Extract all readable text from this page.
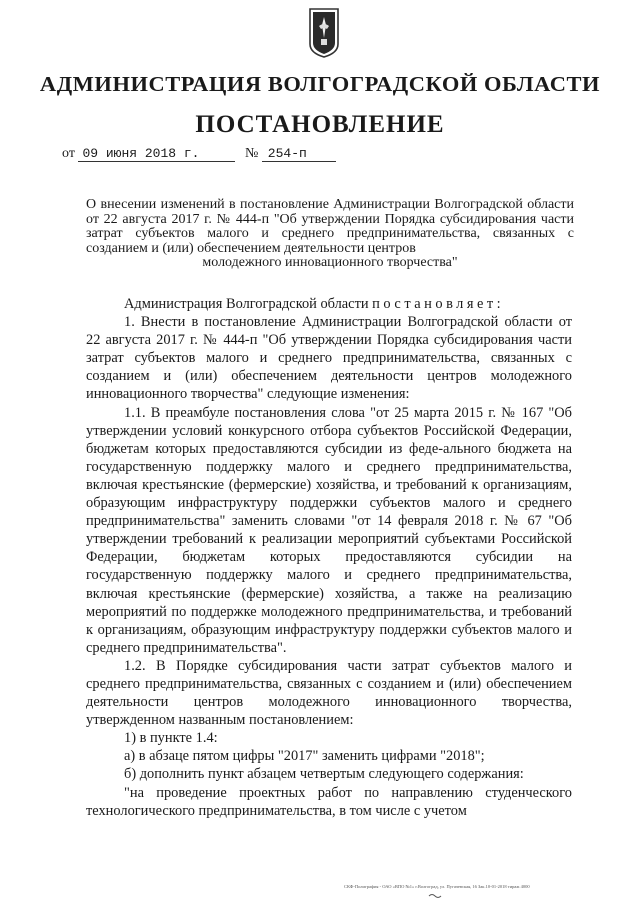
АДМИНИСТРАЦИЯ ВОЛГОГРАДСКОЙ ОБЛАСТИ
ПОСТАНОВЛЕНИЕ
от 09 июня 2018 г.	№ 254-п
О внесении изменений в постановление Администрации Волгоградской области от 22 августа 2017 г. № 444-п "Об утверждении Порядка субсидирования части затрат субъектов малого и среднего предпринимательства, связанных с созданием и (или) обеспечением деятельности центров
молодежного инновационного творчества"

Администрация Волгоградской области постановляет:

1. Внести в постановление Администрации Волгоградской области от 22 августа 2017 г. № 444-п "Об утверждении Порядка субсидирования части затрат субъектов малого и среднего предпринимательства, связанных с созданием и (или) обеспечением деятельности центров молодежного инновационного творчества" следующие изменения:

1.1. В преамбуле постановления слова "от 25 марта 2015 г. № 167 "Об утверждении условий конкурсного отбора субъектов Российской Федерации, бюджетам которых предоставляются субсидии из феде-ального бюджета на государственную поддержку малого и среднего предпринимательства, включая крестьянские (фермерские) хозяйства, и требований к организациям, образующим инфраструктуру поддержки субъектов малого и среднего предпринимательства" заменить словами "от 14 февраля 2018 г. № 67 "Об утверждении требований к реализации мероприятий субъектами Российской Федерации, бюджетам которых предоставляются субсидии на государственную поддержку малого и среднего предпринимательства, включая крестьянские (фермерские) хозяйства, а также на реализацию мероприятий по поддержке молодежного предпринимательства, и требований к организациям, образующим инфраструктуру поддержки субъектов малого и среднего предпринимательства".

1.2. В Порядке субсидирования части затрат субъектов малого и среднего предпринимательства, связанных с созданием и (или) обеспечением деятельности центров молодежного инновационного творчества, утвержденном названным постановлением:

1) в пункте 1.4:

а) в абзаце пятом цифры "2017" заменить цифрами "2018";

б) дополнить пункт абзацем четвертым следующего содержания:

"на проведение проектных работ по направлению студенческого технологического предпринимательства, в том числе с учетом

СКФ-Полиграфия - ОАО «ВПО №1» г.Волгоград, ул. Пугачевская, 16 Зак.10-01-2018 тираж 4000
